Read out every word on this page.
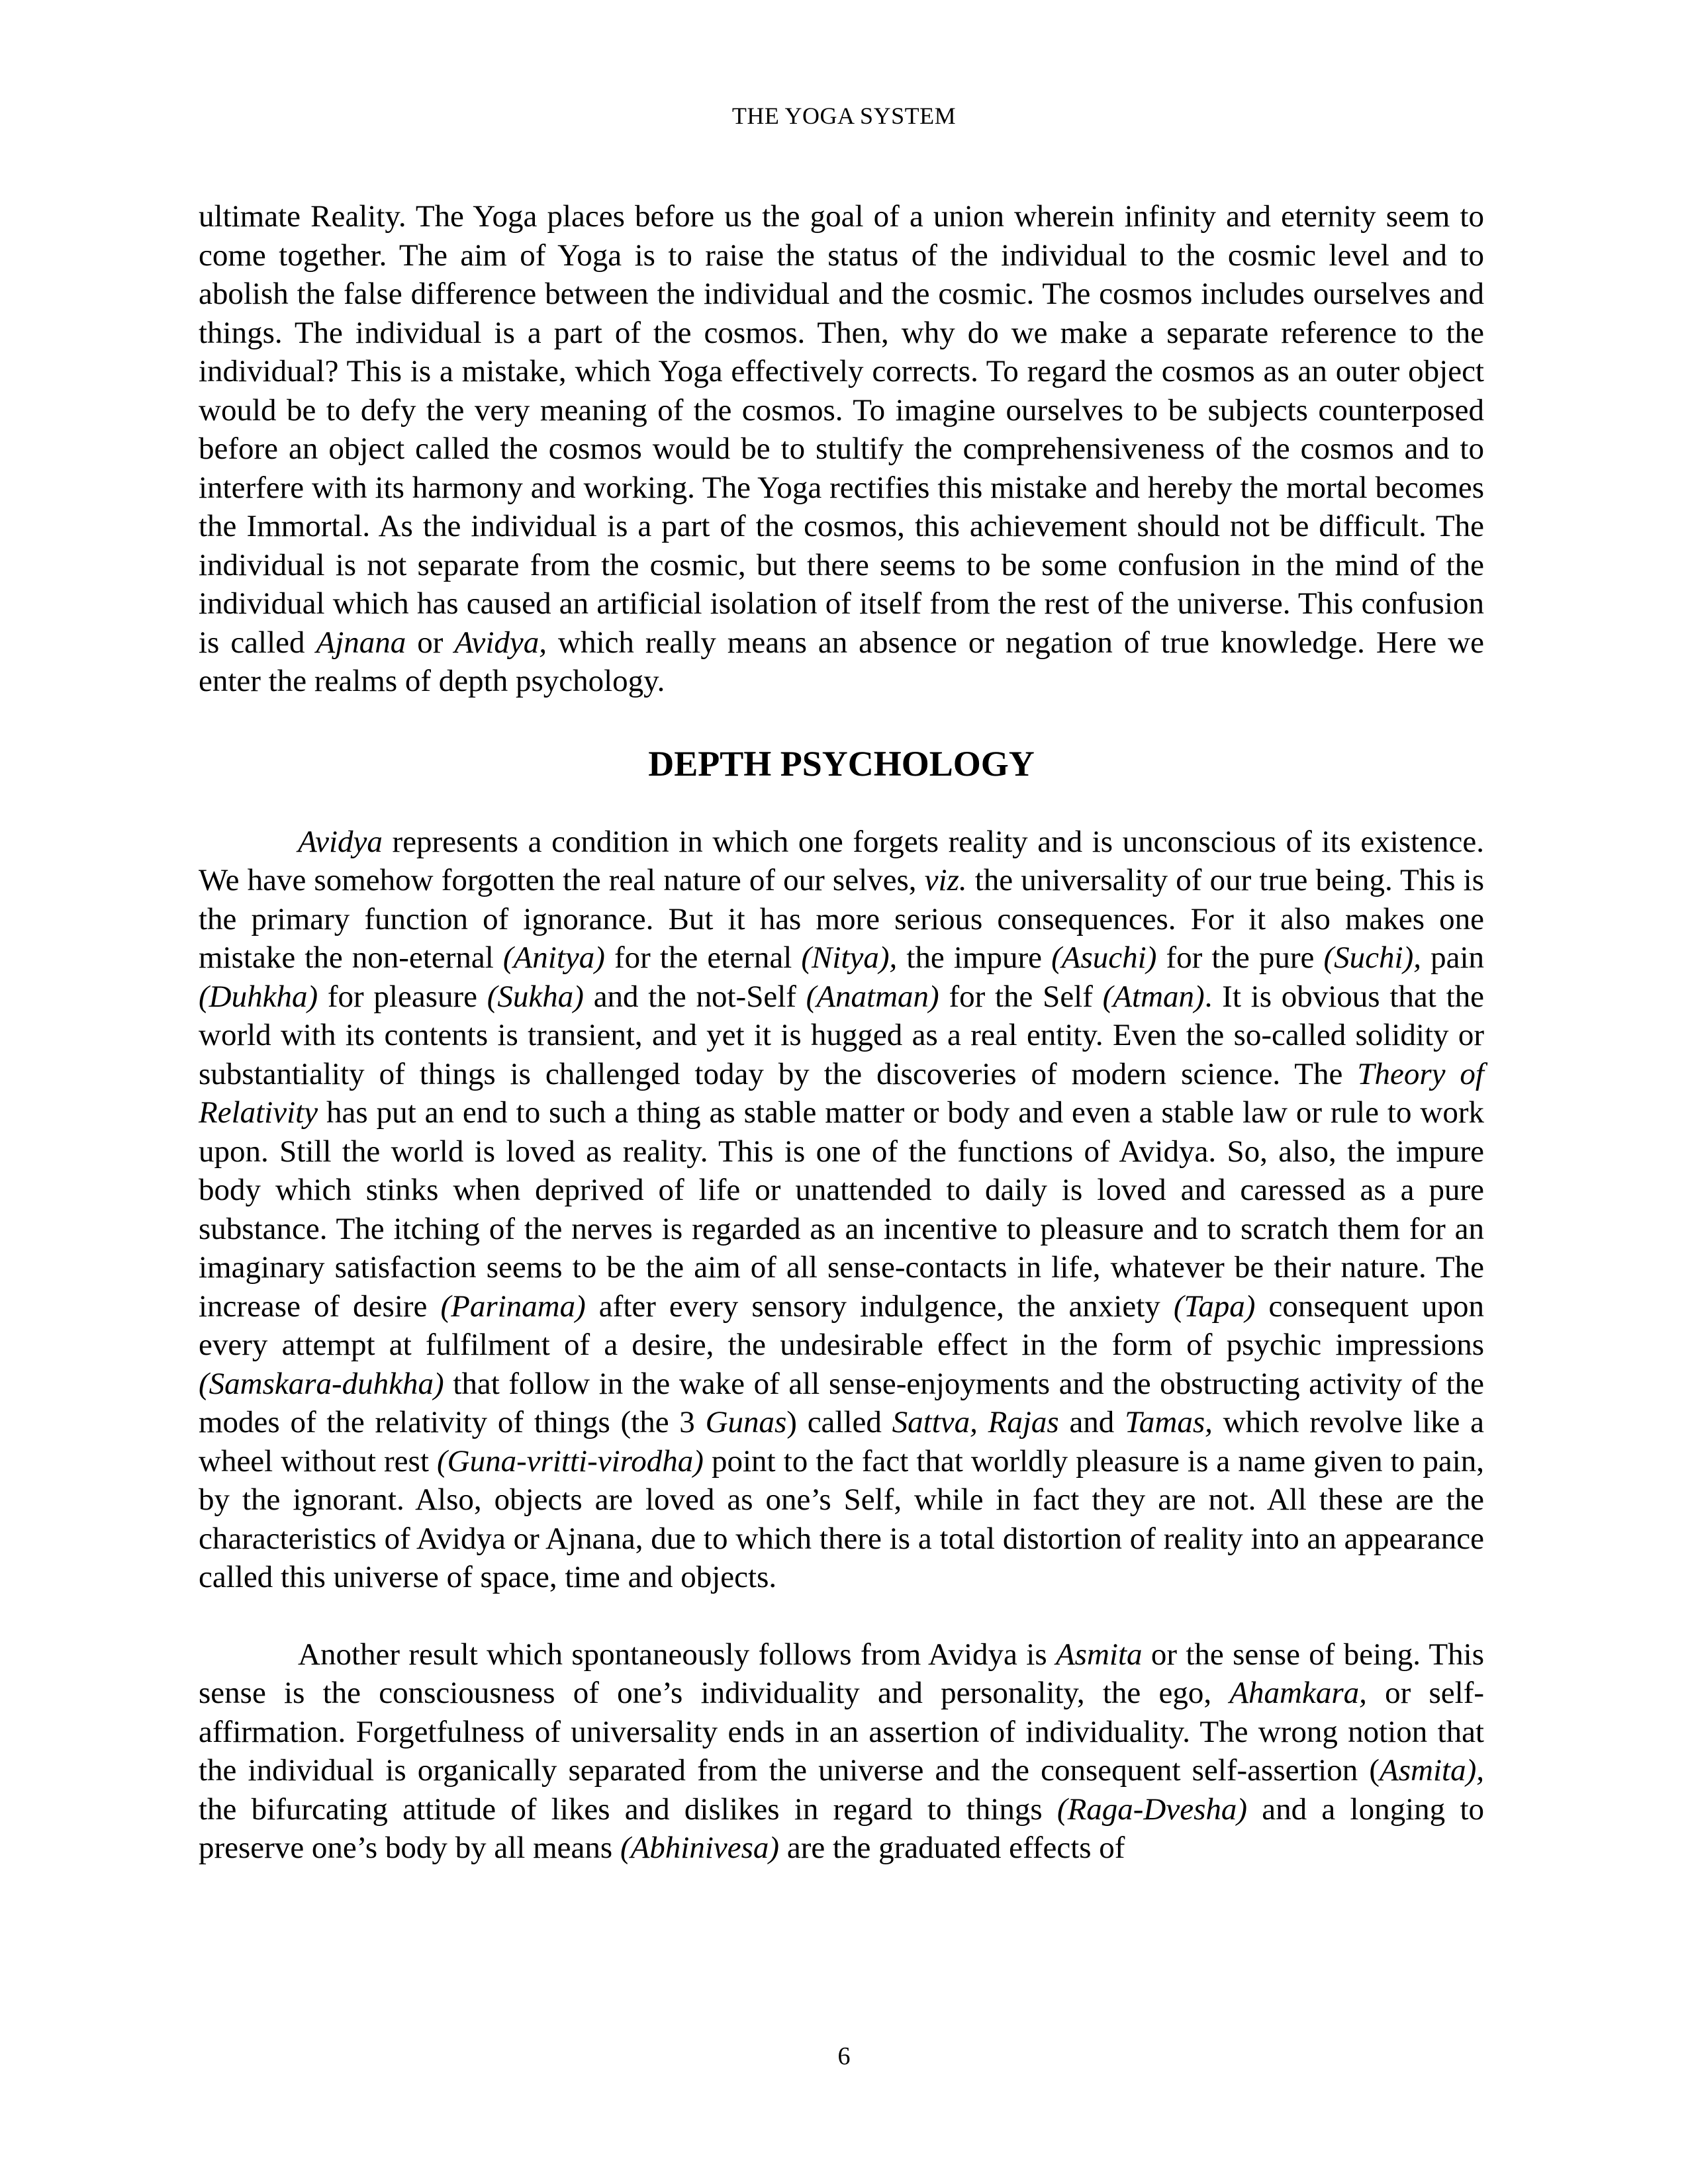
THE YOGA SYSTEM

ultimate Reality. The Yoga places before us the goal of a union wherein infinity and eternity seem to come together. The aim of Yoga is to raise the status of the individual to the cosmic level and to abolish the false difference between the individual and the cosmic. The cosmos includes ourselves and things. The individual is a part of the cosmos. Then, why do we make a separate reference to the individual? This is a mistake, which Yoga effectively corrects. To regard the cosmos as an outer object would be to defy the very meaning of the cosmos. To imagine ourselves to be subjects counterposed before an object called the cosmos would be to stultify the comprehensiveness of the cosmos and to interfere with its harmony and working. The Yoga rectifies this mistake and hereby the mortal becomes the Immortal. As the individual is a part of the cosmos, this achievement should not be difficult. The individual is not separate from the cosmic, but there seems to be some confusion in the mind of the individual which has caused an artificial isolation of itself from the rest of the universe. This confusion is called Ajnana or Avidya, which really means an absence or negation of true knowledge. Here we enter the realms of depth psychology.

DEPTH PSYCHOLOGY

Avidya represents a condition in which one forgets reality and is unconscious of its existence. We have somehow forgotten the real nature of our selves, viz. the universality of our true being. This is the primary function of ignorance. But it has more serious consequences. For it also makes one mistake the non-eternal (Anitya) for the eternal (Nitya), the impure (Asuchi) for the pure (Suchi), pain (Duhkha) for pleasure (Sukha) and the not-Self (Anatman) for the Self (Atman). It is obvious that the world with its contents is transient, and yet it is hugged as a real entity. Even the so-called solidity or substantiality of things is challenged today by the discoveries of modern science. The Theory of Relativity has put an end to such a thing as stable matter or body and even a stable law or rule to work upon. Still the world is loved as reality. This is one of the functions of Avidya. So, also, the impure body which stinks when deprived of life or unattended to daily is loved and caressed as a pure substance. The itching of the nerves is regarded as an incentive to pleasure and to scratch them for an imaginary satisfaction seems to be the aim of all sense-contacts in life, whatever be their nature. The increase of desire (Parinama) after every sensory indulgence, the anxiety (Tapa) consequent upon every attempt at fulfilment of a desire, the undesirable effect in the form of psychic impressions (Samskara-duhkha) that follow in the wake of all sense-enjoyments and the obstructing activity of the modes of the relativity of things (the 3 Gunas) called Sattva, Rajas and Tamas, which revolve like a wheel without rest (Guna-vritti-virodha) point to the fact that worldly pleasure is a name given to pain, by the ignorant. Also, objects are loved as one’s Self, while in fact they are not. All these are the characteristics of Avidya or Ajnana, due to which there is a total distortion of reality into an appearance called this universe of space, time and objects.

Another result which spontaneously follows from Avidya is Asmita or the sense of being. This sense is the consciousness of one’s individuality and personality, the ego, Ahamkara, or self-affirmation. Forgetfulness of universality ends in an assertion of individuality. The wrong notion that the individual is organically separated from the universe and the consequent self-assertion (Asmita), the bifurcating attitude of likes and dislikes in regard to things (Raga-Dvesha) and a longing to preserve one’s body by all means (Abhinivesa) are the graduated effects of

6
